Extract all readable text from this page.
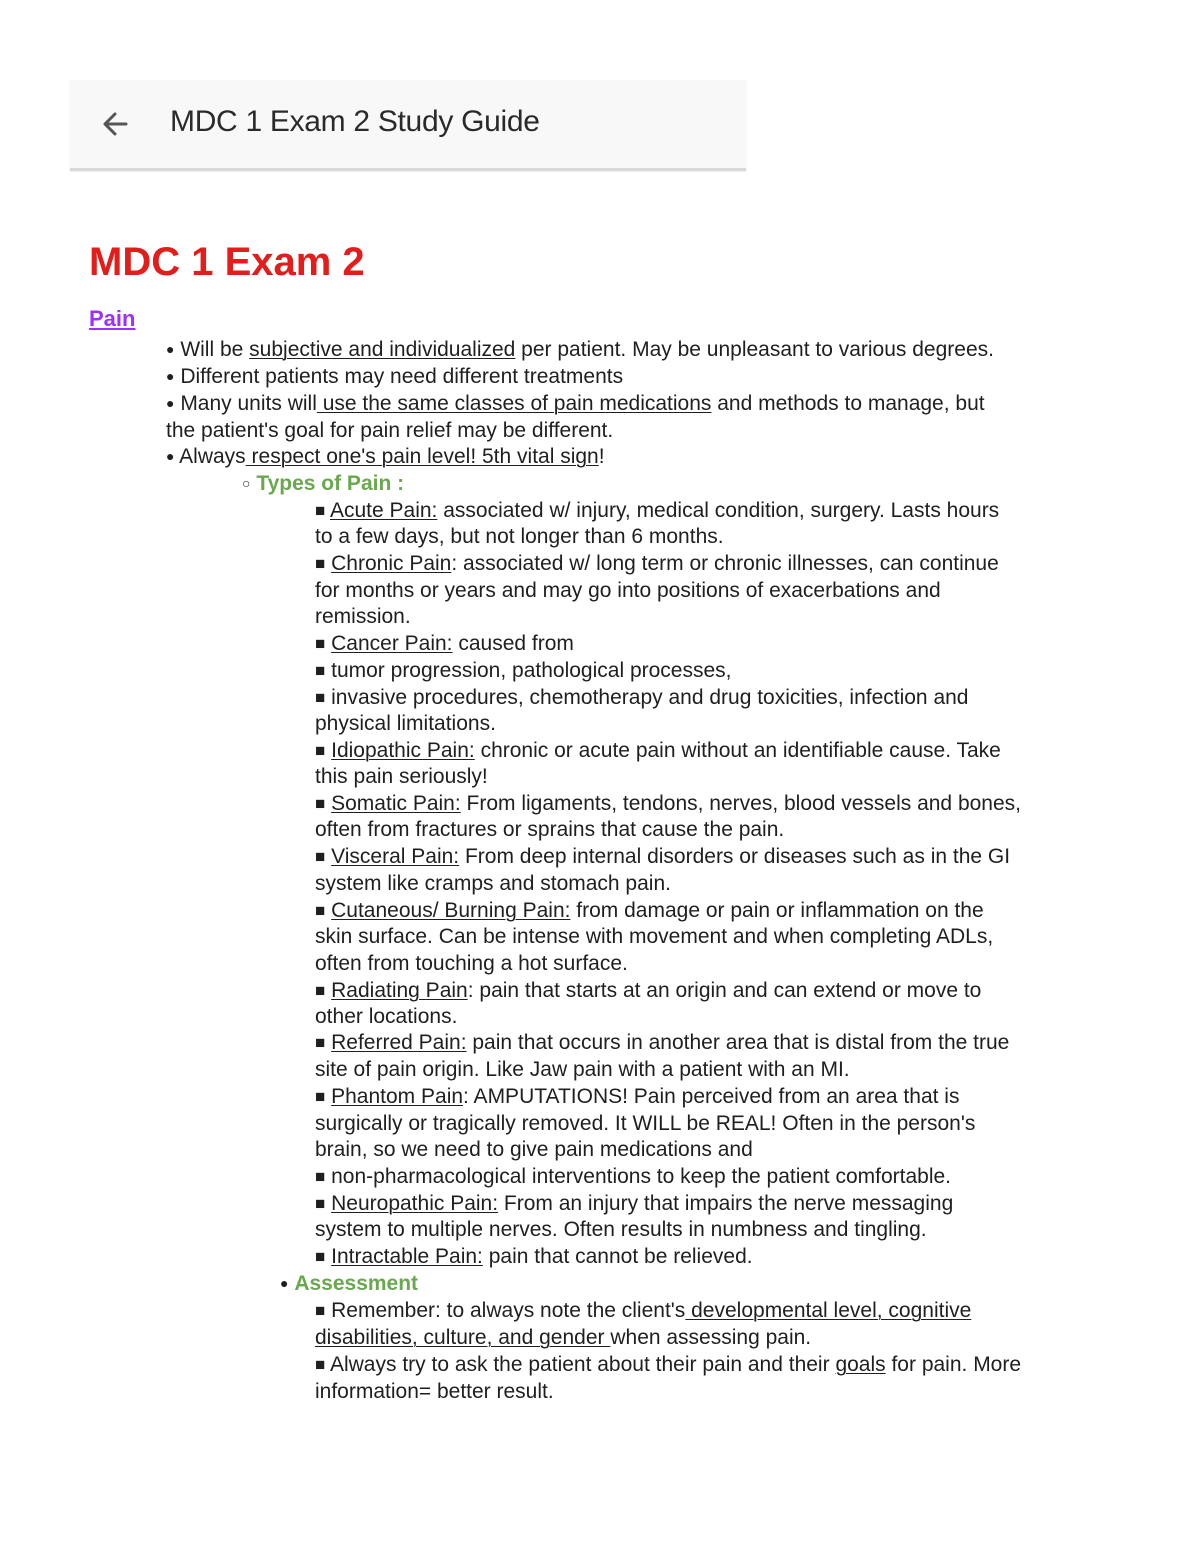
MDC 1 Exam 2 Study Guide
MDC 1 Exam 2
Pain
● Will be subjective and individualized per patient. May be unpleasant to various degrees.
● Different patients may need different treatments
● Many units will use the same classes of pain medications and methods to manage, but
the patient's goal for pain relief may be different.
● Always respect one's pain level! 5th vital sign!
○ Types of Pain :
■ Acute Pain: associated w/ injury, medical condition, surgery. Lasts hours
to a few days, but not longer than 6 months.
■ Chronic Pain: associated w/ long term or chronic illnesses, can continue
for months or years and may go into positions of exacerbations and
remission.
■ Cancer Pain: caused from
■ tumor progression, pathological processes,
■ invasive procedures, chemotherapy and drug toxicities, infection and
physical limitations.
■ Idiopathic Pain: chronic or acute pain without an identifiable cause. Take
this pain seriously!
■ Somatic Pain: From ligaments, tendons, nerves, blood vessels and bones,
often from fractures or sprains that cause the pain.
■ Visceral Pain: From deep internal disorders or diseases such as in the GI
system like cramps and stomach pain.
■ Cutaneous/ Burning Pain: from damage or pain or inflammation on the
skin surface. Can be intense with movement and when completing ADLs,
often from touching a hot surface.
■ Radiating Pain: pain that starts at an origin and can extend or move to
other locations.
■ Referred Pain: pain that occurs in another area that is distal from the true
site of pain origin. Like Jaw pain with a patient with an MI.
■ Phantom Pain: AMPUTATIONS! Pain perceived from an area that is
surgically or tragically removed. It WILL be REAL! Often in the person's
brain, so we need to give pain medications and
■ non-pharmacological interventions to keep the patient comfortable.
■ Neuropathic Pain: From an injury that impairs the nerve messaging
system to multiple nerves. Often results in numbness and tingling.
■ Intractable Pain: pain that cannot be relieved.
● Assessment
■ Remember: to always note the client's developmental level, cognitive
disabilities, culture, and gender when assessing pain.
■ Always try to ask the patient about their pain and their goals for pain. More
information= better result.
